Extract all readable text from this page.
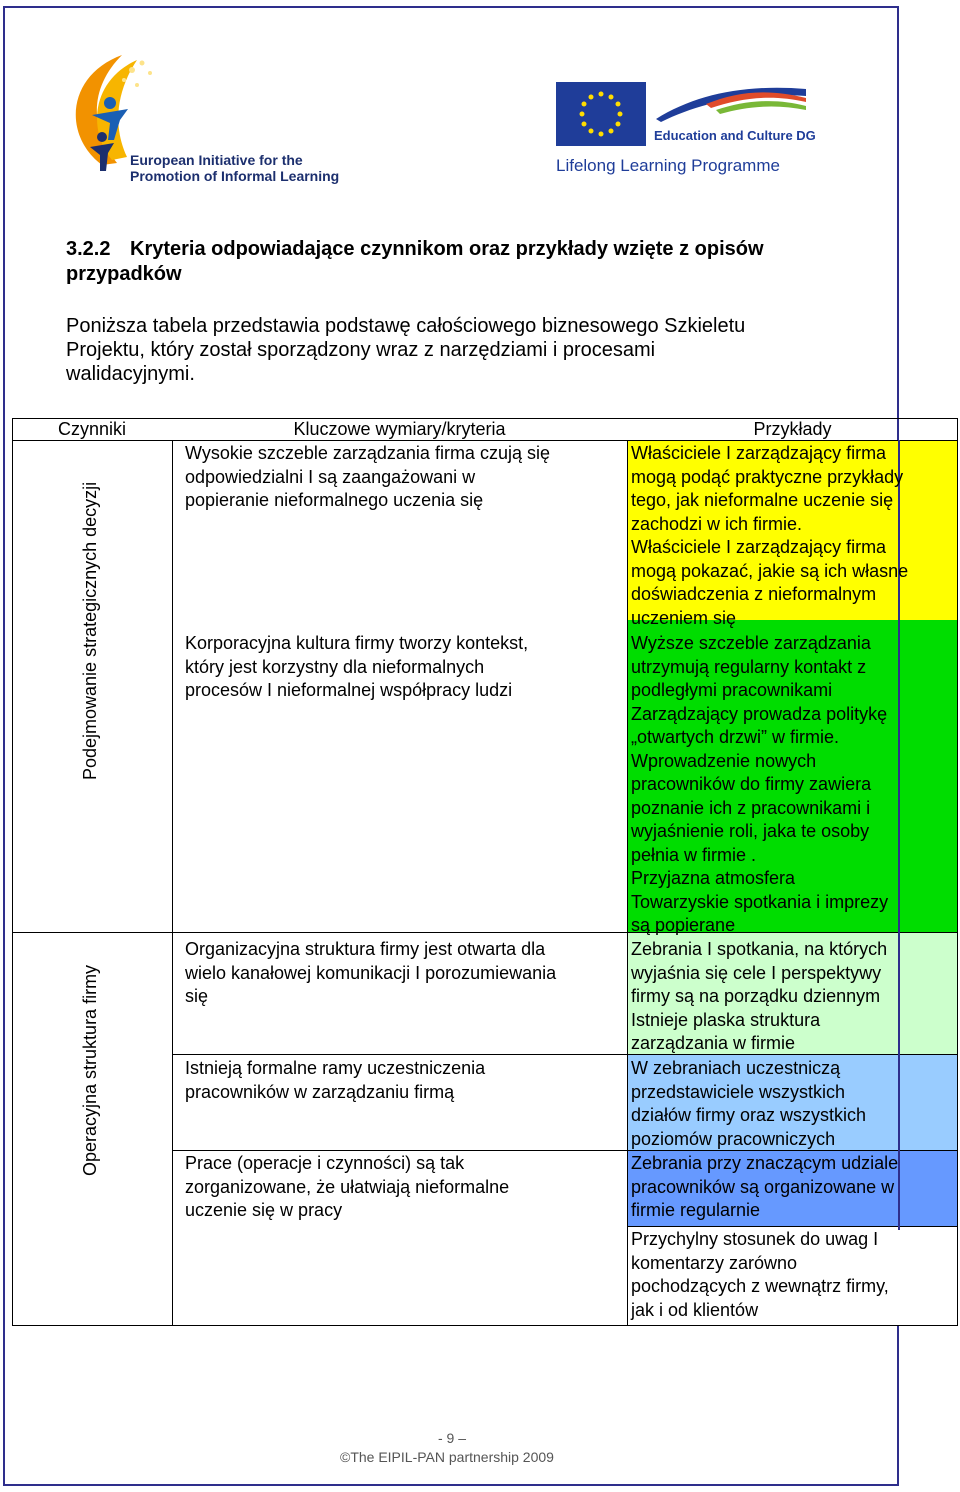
European Initiative for the
Promotion of Informal Learning
Education and Culture DG
Lifelong Learning Programme
3.2.2 Kryteria odpowiadające czynnikom oraz przykłady wzięte z opisów
przypadków
Poniższa tabela przedstawia podstawę całościowego biznesowego Szkieletu
Projektu, który został sporządzony wraz z narzędziami i procesami
walidacyjnymi.
Czynniki	Kluczowe wymiary/kryteria	Przykłady
Podejmowanie strategicznych decyzji
Operacyjna struktura firmy
Wysokie szczeble zarządzania firma czują się
odpowiedzialni I są zaangażowani w
popieranie nieformalnego uczenia się
Właściciele I zarządzający firma
mogą podąć praktyczne przykłady
tego, jak nieformalne uczenie się
zachodzi w ich firmie.
Właściciele I zarządzający firma
mogą pokazać, jakie są ich własne
doświadczenia z nieformalnym
uczeniem się
Korporacyjna kultura firmy tworzy kontekst,
który jest korzystny dla nieformalnych
procesów I nieformalnej współpracy ludzi
Wyższe szczeble zarządzania
utrzymują regularny kontakt z
podległymi pracownikami
Zarządzający prowadza politykę
„otwartych drzwi” w firmie.
Wprowadzenie nowych
pracowników do firmy zawiera
poznanie ich z pracownikami i
wyjaśnienie roli, jaka te osoby
pełnia w firmie .
Przyjazna atmosfera
Towarzyskie spotkania i imprezy
są popierane
Organizacyjna struktura firmy jest otwarta dla
wielo kanałowej komunikacji I porozumiewania
się
Zebrania I spotkania, na których
wyjaśnia się cele I perspektywy
firmy są na porządku dziennym
Istnieje plaska struktura
zarządzania w firmie
Istnieją formalne ramy uczestniczenia
pracowników w zarządzaniu firmą
W zebraniach uczestniczą
przedstawiciele wszystkich
działów firmy oraz wszystkich
poziomów pracowniczych
Prace (operacje i czynności) są tak
zorganizowane, że ułatwiają nieformalne
uczenie się w pracy
Zebrania przy znaczącym udziale
pracowników są organizowane w
firmie regularnie
Przychylny stosunek do uwag I
komentarzy zarówno
pochodzących z wewnątrz firmy,
jak i od klientów
- 9 –
©The EIPIL-PAN partnership 2009
